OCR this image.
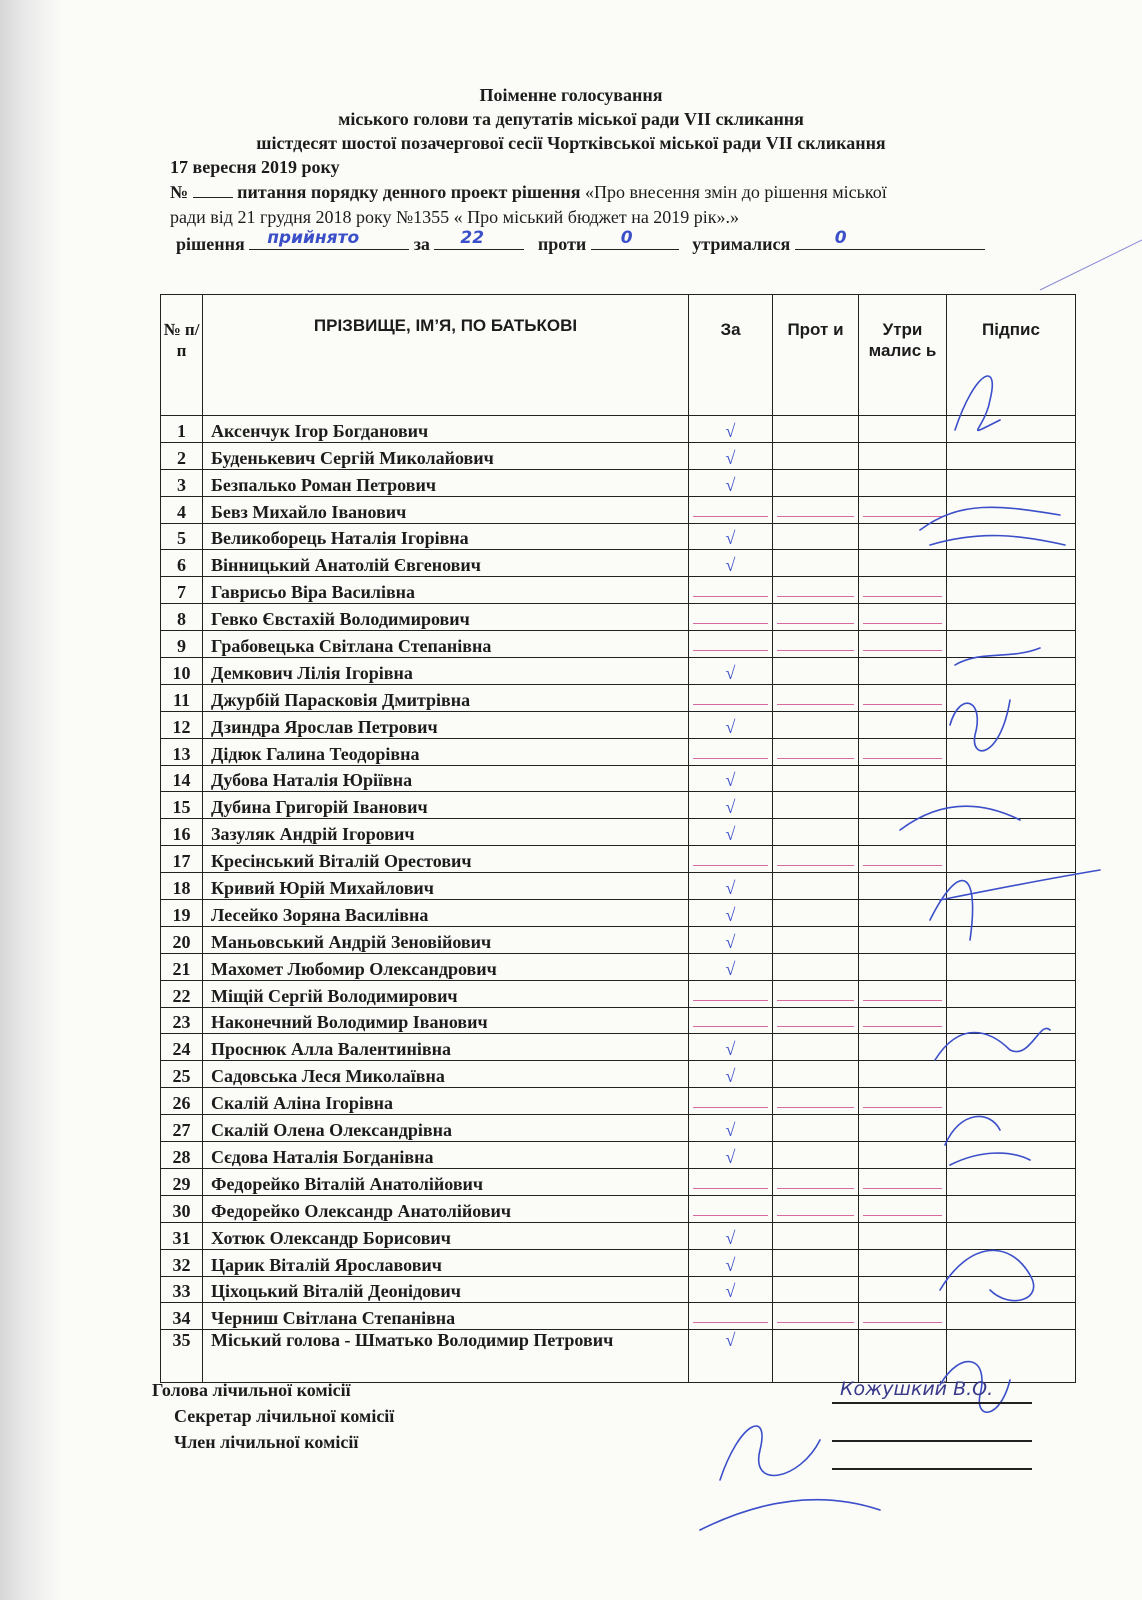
Поіменне голосування
міського голови та депутатів міської ради VII скликання
шістдесят шостої позачергової сесії Чортківської міської ради VII скликання
17 вересня 2019 року
№	питання порядку денного проект рішення «Про внесення змін до рішення міської
ради від 21 грудня 2018 року №1355 « Про міський бюджет на 2019 рік».»
рішення прийнято	за 22	проти 0	утрималися	0
№ п/п	ПРІЗВИЩЕ, ІМ’Я, ПО БАТЬКОВІ	За	Прот и	Утри малис ь	Підпис
1	Аксенчук Ігор Богданович	√			
2	Буденькевич Сергій Миколайович	√			
3	Безпалько Роман Петрович	√			
4	Бевз Михайло Іванович	

5	Великоборець Наталія Ігорівна	√			
6	Вінницький Анатолій Євгенович	√			
7	Гаврисьо Віра Василівна	

8	Гевко Євстахій Володимирович	

9	Грабовецька Світлана Степанівна	

10	Демкович Лілія Ігорівна	√			
11	Джурбій Парасковія Дмитрівна	

12	Дзиндра Ярослав Петрович	√			
13	Дідюк Галина Теодорівна	

14	Дубова Наталія Юріївна	√			
15	Дубина Григорій Іванович	√			
16	Зазуляк Андрій Ігорович	√			
17	Кресінський Віталій Орестович	

18	Кривий Юрій Михайлович	√			
19	Лесейко Зоряна Василівна	√			
20	Маньовський Андрій Зеновійович	√			
21	Махомет Любомир Олександрович	√			
22	Міщій Сергій Володимирович	

23	Наконечний Володимир Іванович	

24	Проснюк Алла Валентинівна	√			
25	Садовська Леся Миколаївна	√			
26	Скалій Аліна Ігорівна	

27	Скалій Олена Олександрівна	√			
28	Сєдова Наталія Богданівна	√			
29	Федорейко Віталій Анатолійович	

30	Федорейко Олександр Анатолійович	

31	Хотюк Олександр Борисович	√			
32	Царик Віталій Ярославович	√			
33	Ціхоцький Віталій Деонідович	√			
34	Черниш Світлана Степанівна	

35	Міський голова - Шматько Володимир Петрович	√			
Голова лічильної комісії
Секретар лічильної комісії
Член лічильної комісії
Кожушкий В.О.
